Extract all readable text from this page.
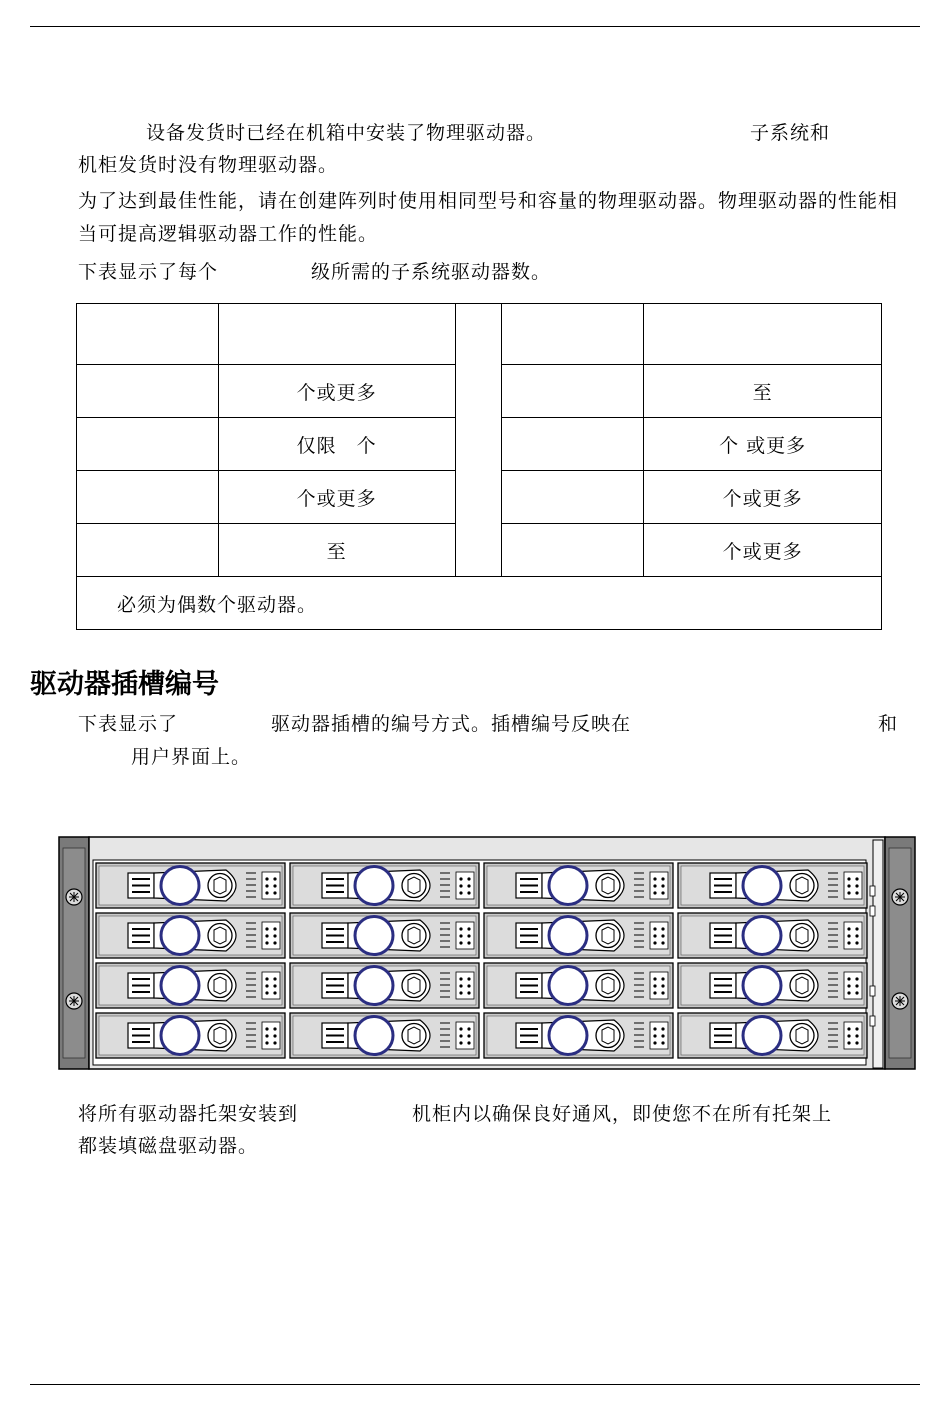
设备发货时已经在机箱中安装了物理驱动器。	子系统和
机柜发货时没有物理驱动器。
为了达到最佳性能，请在创建阵列时使用相同型号和容量的物理驱动器。物理驱动器的性能相当可提高逻辑驱动器工作的性能。
下表显示了每个	级所需的子系统驱动器数。

	个或更多			至
	仅限　个			个 或更多
	个或更多			个或更多
	至			个或更多
必须为偶数个驱动器。				
驱动器插槽编号
下表显示了	驱动器插槽的编号方式。插槽编号反映在	和
用户界面上。
将所有驱动器托架安装到	机柜内以确保良好通风，即使您不在所有托架上
都装填磁盘驱动器。
